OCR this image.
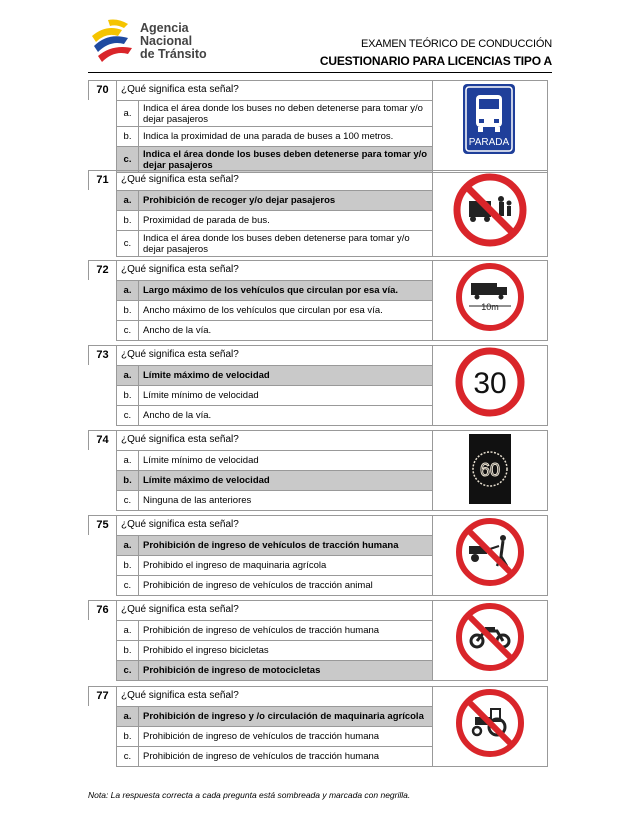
Agencia
Nacional
de Tránsito
EXAMEN TEÓRICO DE CONDUCCIÓN
CUESTIONARIO PARA LICENCIAS TIPO A
70	¿Qué significa esta señal?
a.	Indica el área donde los buses no deben detenerse para tomar y/o dejar pasajeros
b.	Indica la proximidad de una parada de buses a 100 metros.
c.	Indica el área donde los buses deben detenerse para tomar y/o dejar pasajeros
PARADA
71	¿Qué significa esta señal?
a.	Prohibición de recoger y/o dejar pasajeros
b.	Proximidad de parada de bus.
c.	Indica el área donde los buses deben detenerse para tomar y/o dejar pasajeros
72	¿Qué significa esta señal?
a.	Largo máximo de los vehículos que circulan por esa vía.
b.	Ancho máximo de los vehículos que circulan por esa vía.
c.	Ancho de la vía.
10m
73	¿Qué significa esta señal?
a.	Límite máximo de velocidad
b.	Límite mínimo de velocidad
c.	Ancho de la vía.
30
74	¿Qué significa esta señal?
a.	Límite mínimo de velocidad
b.	Límite máximo de velocidad
c.	Ninguna de las anteriores
60
75	¿Qué significa esta señal?
a.	Prohibición de ingreso de vehículos de tracción humana
b.	Prohibido el ingreso de maquinaria agrícola
c.	Prohibición de ingreso de vehículos de tracción animal
76	¿Qué significa esta señal?
a.	Prohibición de ingreso de vehículos de tracción humana
b.	Prohibido el ingreso bicicletas
c.	Prohibición de ingreso de motocicletas
77	¿Qué significa esta señal?
a.	Prohibición de ingreso y /o circulación de maquinaria agrícola
b.	Prohibición de ingreso de vehículos de tracción humana
c.	Prohibición de ingreso de vehículos de tracción humana
Nota: La respuesta correcta a cada pregunta está sombreada y marcada con negrilla.
